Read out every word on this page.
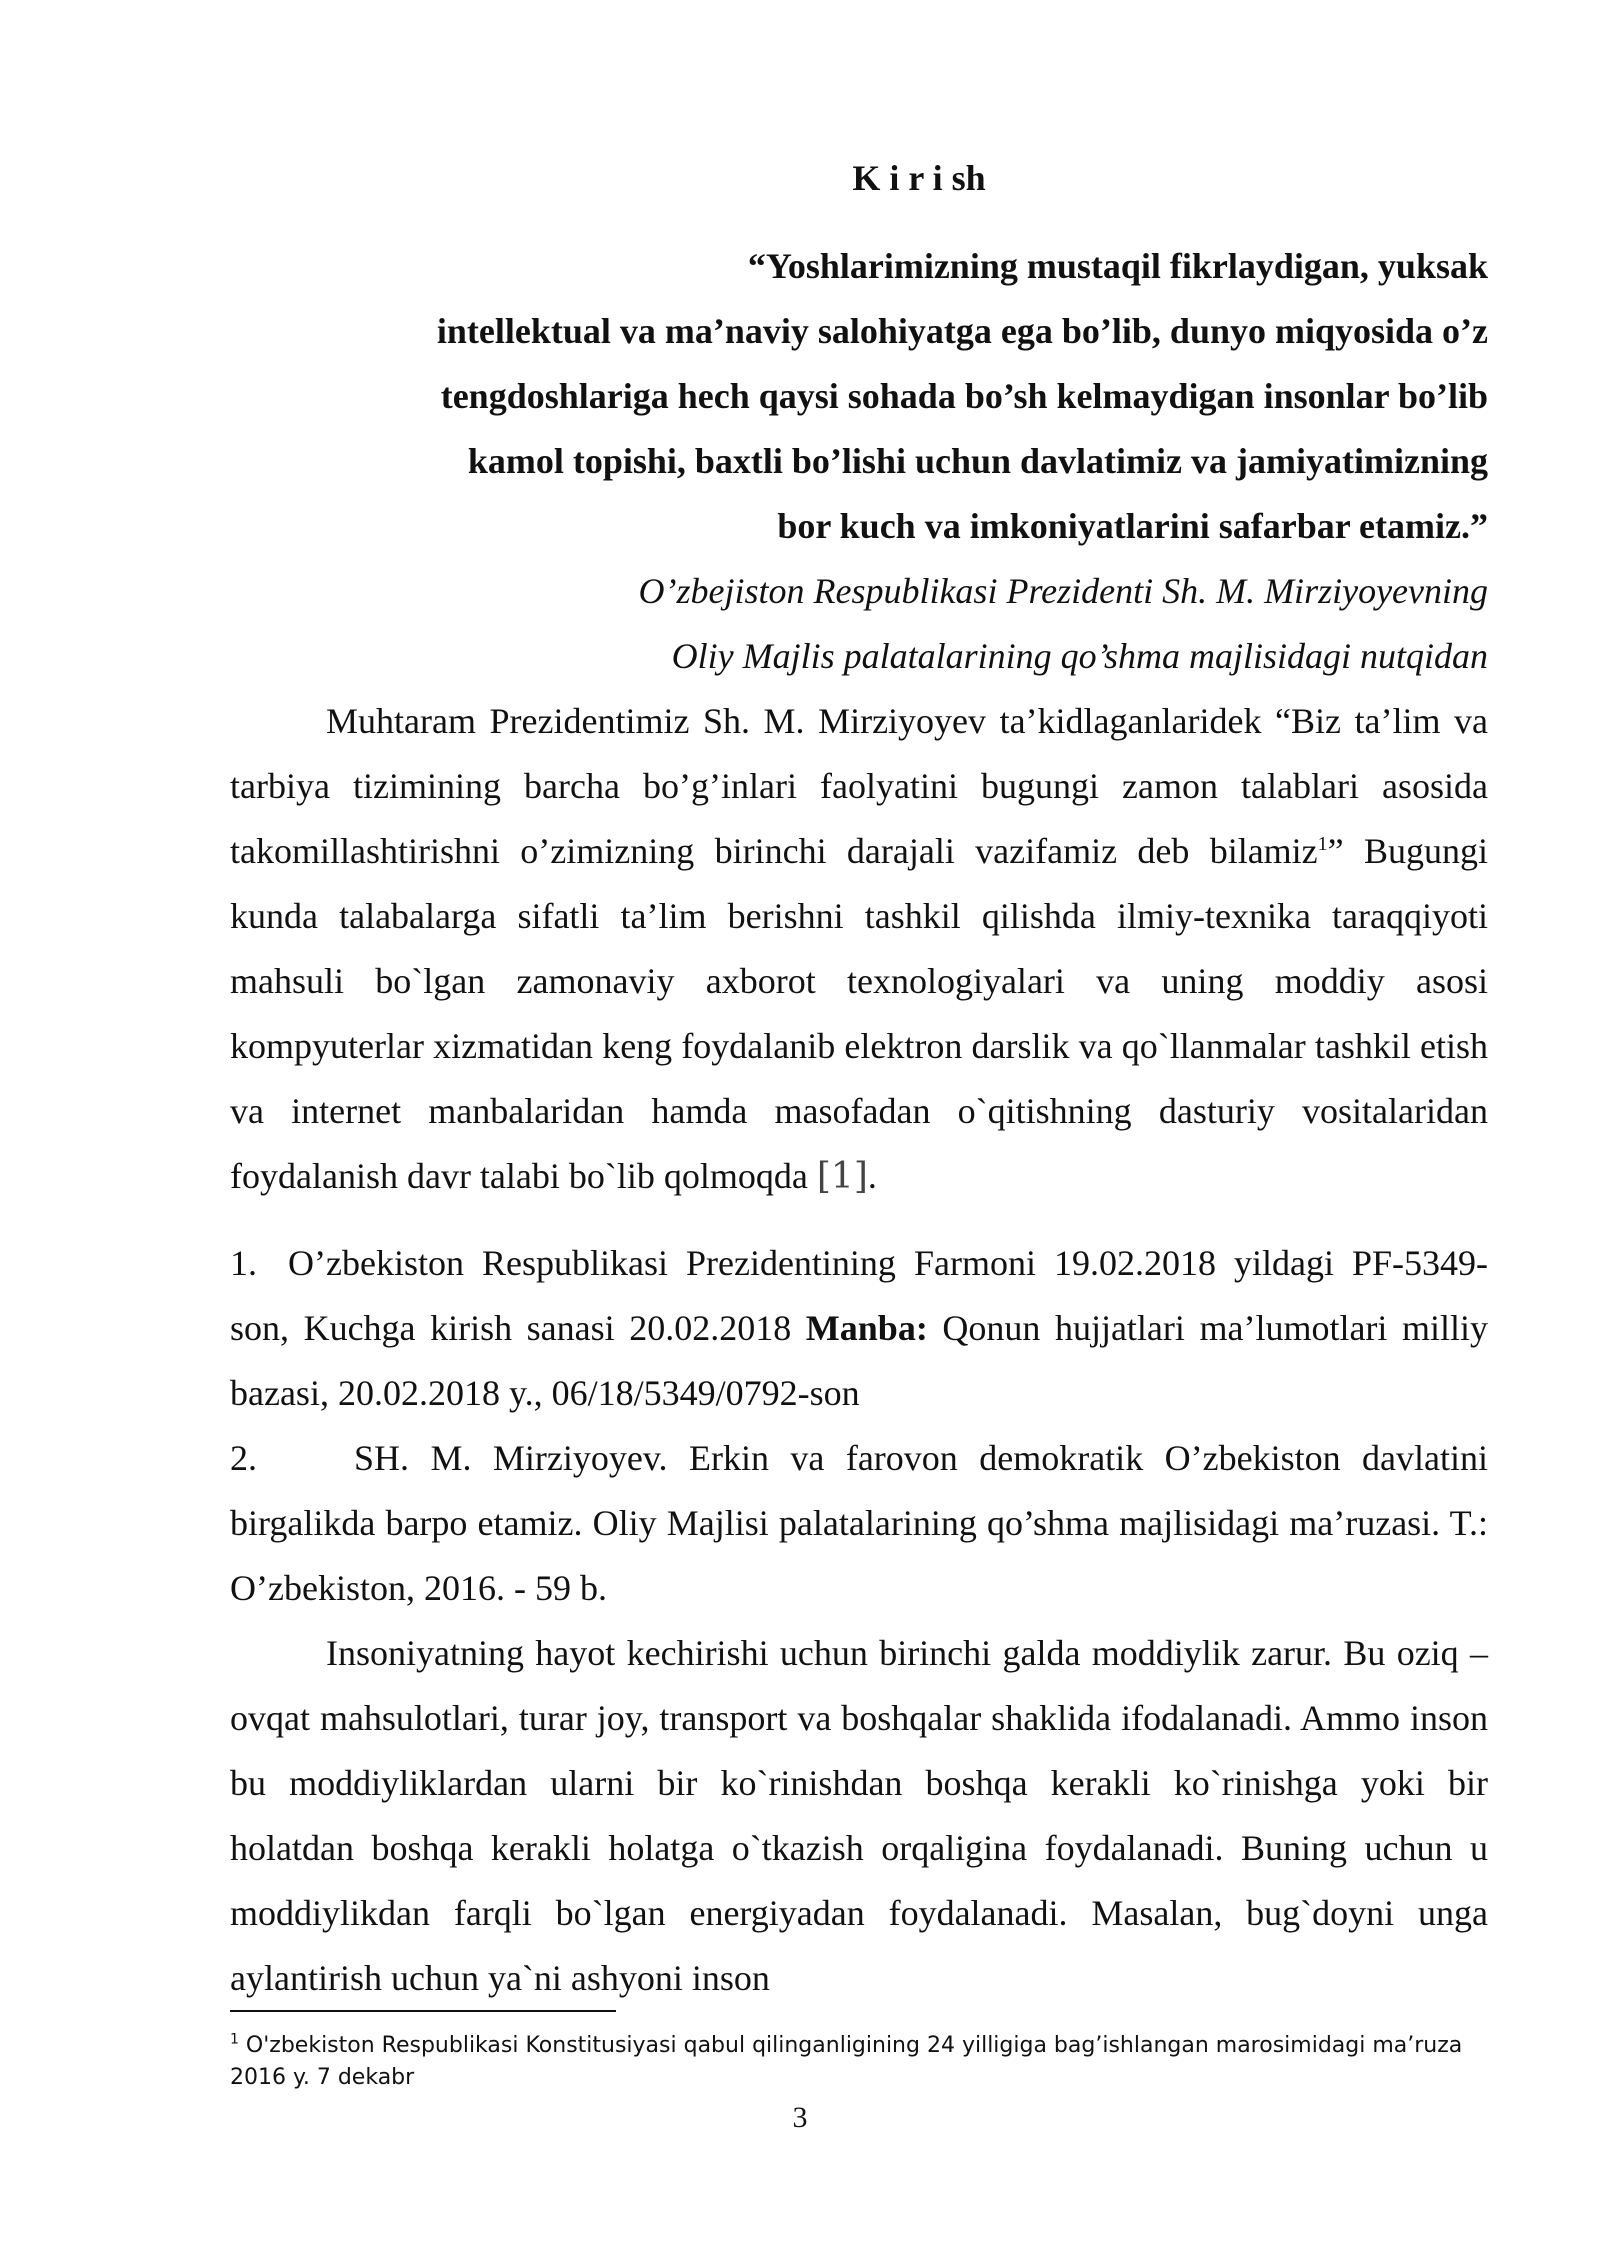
K i r i sh
“Yoshlarimizning mustaqil fikrlaydigan, yuksak
intellektual va ma’naviy salohiyatga ega bo’lib, dunyo miqyosida o’z
tengdoshlariga hech qaysi sohada bo’sh kelmaydigan insonlar bo’lib
kamol topishi, baxtli bo’lishi uchun davlatimiz va jamiyatimizning
bor kuch va imkoniyatlarini safarbar etamiz.”

O’zbejiston Respublikasi Prezidenti Sh. M. Mirziyoyevning

Oliy Majlis palatalarining qo’shma majlisidagi nutqidan

Muhtaram Prezidentimiz Sh. M. Mirziyoyev ta’kidlaganlaridek “Biz ta’lim va tarbiya tizimining barcha bo’g’inlari faolyatini bugungi zamon talablari asosida takomillashtirishni o’zimizning birinchi darajali vazifamiz deb bilamiz$^1$” Bugungi kunda talabalarga sifatli ta’lim berishni tashkil qilishda ilmiy-texnika taraqqiyoti mahsuli bo`lgan zamonaviy axborot texnologiyalari va uning moddiy asosi kompyuterlar xizmatidan keng foydalanib elektron darslik va qo`llanmalar tashkil etish va internet manbalaridan hamda masofadan o`qitishning dasturiy vositalaridan foydalanish davr talabi bo`lib qolmoqda [1].

1. O’zbekiston Respublikasi Prezidentining Farmoni 19.02.2018 yildagi PF-5349-son, Kuchga kirish sanasi 20.02.2018 Manba: Qonun hujjatlari ma’lumotlari milliy bazasi, 20.02.2018 y., 06/18/5349/0792-son

2.	SH. M. Mirziyoyev. Erkin va farovon demokratik O’zbekiston davlatini birgalikda barpo etamiz. Oliy Majlisi palatalarining qo’shma majlisidagi ma’ruzasi. T.: O’zbekiston, 2016. - 59 b.

Insoniyatning hayot kechirishi uchun birinchi galda moddiylik zarur. Bu oziq – ovqat mahsulotlari, turar joy, transport va boshqalar shaklida ifodalanadi. Ammo inson bu moddiyliklardan ularni bir ko`rinishdan boshqa kerakli ko`rinishga yoki bir holatdan boshqa kerakli holatga o`tkazish orqaligina foydalanadi. Buning uchun u moddiylikdan farqli bo`lgan energiyadan foydalanadi. Masalan, bug`doyni unga aylantirish uchun ya`ni ashyoni inson

$^1$ O'zbekiston Respublikasi Konstitusiyasi qabul qilinganligining 24 yilligiga bag’ishlangan marosimidagi ma’ruza 2016 y. 7 dekabr

3
